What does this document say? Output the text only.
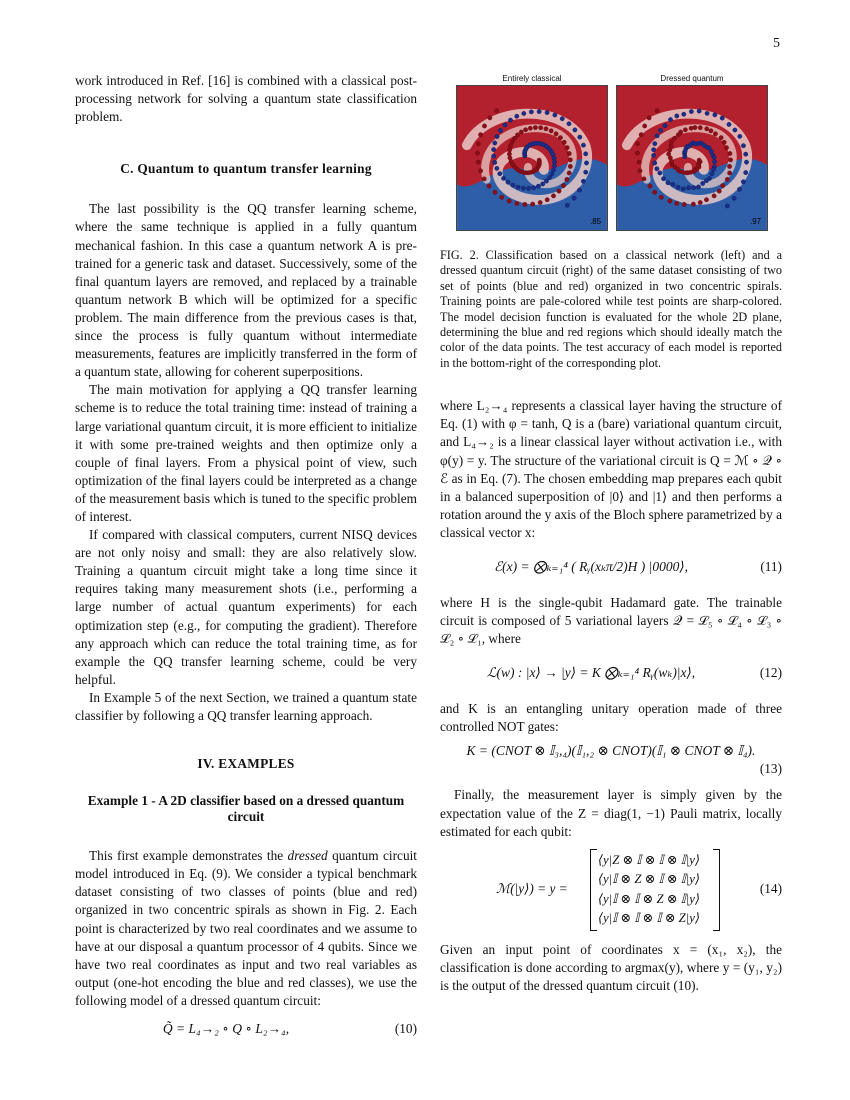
5

work introduced in Ref. [16] is combined with a classical post-processing network for solving a quantum state classification problem.

C. Quantum to quantum transfer learning

The last possibility is the QQ transfer learning scheme, where the same technique is applied in a fully quantum mechanical fashion. In this case a quantum network A is pre-trained for a generic task and dataset. Successively, some of the final quantum layers are removed, and replaced by a trainable quantum network B which will be optimized for a specific problem. The main difference from the previous cases is that, since the process is fully quantum without intermediate measurements, features are implicitly transferred in the form of a quantum state, allowing for coherent superpositions.

The main motivation for applying a QQ transfer learning scheme is to reduce the total training time: instead of training a large variational quantum circuit, it is more efficient to initialize it with some pre-trained weights and then optimize only a couple of final layers. From a physical point of view, such optimization of the final layers could be interpreted as a change of the measurement basis which is tuned to the specific problem of interest.

If compared with classical computers, current NISQ devices are not only noisy and small: they are also relatively slow. Training a quantum circuit might take a long time since it requires taking many measurement shots (i.e., performing a large number of actual quantum experiments) for each optimization step (e.g., for computing the gradient). Therefore any approach which can reduce the total training time, as for example the QQ transfer learning scheme, could be very helpful.

In Example 5 of the next Section, we trained a quantum state classifier by following a QQ transfer learning approach.

IV. EXAMPLES

Example 1 - A 2D classifier based on a dressed quantum circuit

This first example demonstrates the dressed quantum circuit model introduced in Eq. (9). We consider a typical benchmark dataset consisting of two classes of points (blue and red) organized in two concentric spirals as shown in Fig. 2. Each point is characterized by two real coordinates and we assume to have at our disposal a quantum processor of 4 qubits. Since we have two real coordinates as input and two real variables as output (one-hot encoding the blue and red classes), we use the following model of a dressed quantum circuit:

Q̃ = L₄→₂ ∘ Q ∘ L₂→₄,	(10)
Entirely classical
.85
Dressed quantum
.97
FIG. 2. Classification based on a classical network (left) and a dressed quantum circuit (right) of the same dataset consisting of two set of points (blue and red) organized in two concentric spirals. Training points are pale-colored while test points are sharp-colored. The model decision function is evaluated for the whole 2D plane, determining the blue and red regions which should ideally match the color of the data points. The test accuracy of each model is reported in the bottom-right of the corresponding plot.

where L₂→₄ represents a classical layer having the structure of Eq. (1) with φ = tanh, Q is a (bare) variational quantum circuit, and L₄→₂ is a linear classical layer without activation i.e., with φ(y) = y. The structure of the variational circuit is Q = ℳ ∘ 𝒬 ∘ ℰ as in Eq. (7). The chosen embedding map prepares each qubit in a balanced superposition of |0⟩ and |1⟩ and then performs a rotation around the y axis of the Bloch sphere parametrized by a classical vector x:

ℰ(x) = ⨂ₖ₌₁⁴ ( Rᵧ(xₖπ/2)H ) |0000⟩,	(11)

where H is the single-qubit Hadamard gate. The trainable circuit is composed of 5 variational layers 𝒬 = ℒ₅ ∘ ℒ₄ ∘ ℒ₃ ∘ ℒ₂ ∘ ℒ₁, where

ℒ(w) : |x⟩ → |y⟩ = K ⨂ₖ₌₁⁴ Rᵧ(wₖ)|x⟩,	(12)

and K is an entangling unitary operation made of three controlled NOT gates:

K = (CNOT ⊗ 𝕀₃,₄)(𝕀₁,₂ ⊗ CNOT)(𝕀₁ ⊗ CNOT ⊗ 𝕀₄).
(13)

Finally, the measurement layer is simply given by the expectation value of the Z = diag(1, −1) Pauli matrix, locally estimated for each qubit:

ℳ(|y⟩) = y =
⟨y|Z ⊗ 𝕀 ⊗ 𝕀 ⊗ 𝕀|y⟩
⟨y|𝕀 ⊗ Z ⊗ 𝕀 ⊗ 𝕀|y⟩
⟨y|𝕀 ⊗ 𝕀 ⊗ Z ⊗ 𝕀|y⟩
⟨y|𝕀 ⊗ 𝕀 ⊗ 𝕀 ⊗ Z|y⟩
(14)

Given an input point of coordinates x = (x₁, x₂), the classification is done according to argmax(y), where y = (y₁, y₂) is the output of the dressed quantum circuit (10).
